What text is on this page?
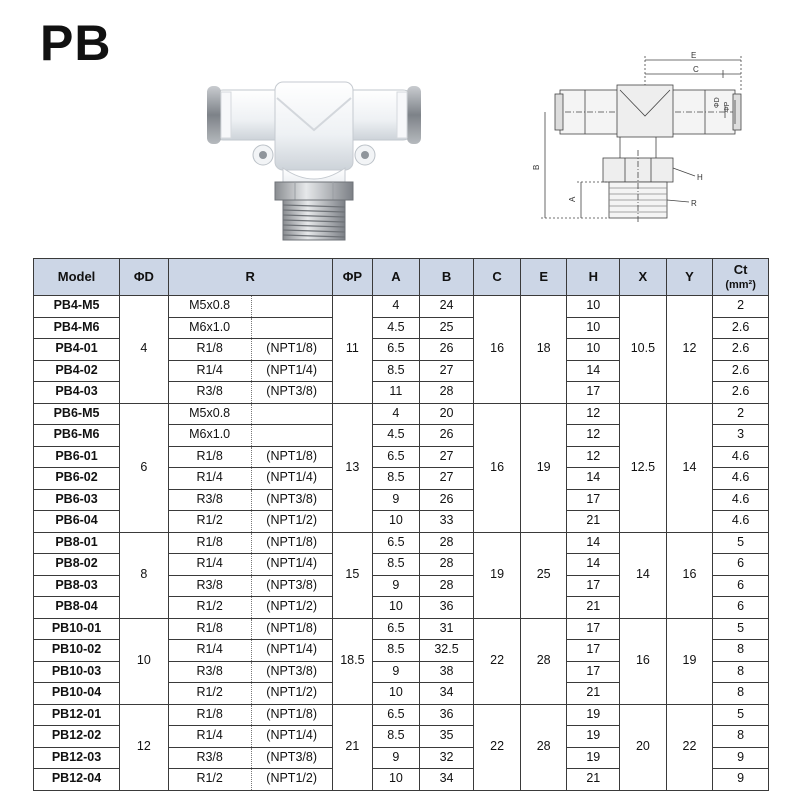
PB	E
C
ΦD ΦP
B
H
A	R
Model	ΦD	R		ΦP	A	B	C	E	H	X	Y	Ct
(mm²)
PB4-M5	4	M5x0.8		11	4	24	16	18	10	10.5	12	2
PB4-M6		M6x1.0			4.5	25			10			2.6
PB4-01		R1/8	(NPT1/8)		6.5	26			10			2.6
PB4-02		R1/4	(NPT1/4)		8.5	27			14			2.6
PB4-03		R3/8	(NPT3/8)		11	28			17			2.6
PB6-M5	6	M5x0.8		13	4	20	16	19	12	12.5	14	2
PB6-M6		M6x1.0			4.5	26			12			3
PB6-01		R1/8	(NPT1/8)		6.5	27			12			4.6
PB6-02		R1/4	(NPT1/4)		8.5	27			14			4.6
PB6-03		R3/8	(NPT3/8)		9	26			17			4.6
PB6-04		R1/2	(NPT1/2)		10	33			21			4.6
PB8-01	8	R1/8	(NPT1/8)	15	6.5	28	19	25	14	14	16	5
PB8-02		R1/4	(NPT1/4)		8.5	28			14			6
PB8-03		R3/8	(NPT3/8)		9	28			17			6
PB8-04		R1/2	(NPT1/2)		10	36			21			6
PB10-01	10	R1/8	(NPT1/8)	18.5	6.5	31	22	28	17	16	19	5
PB10-02		R1/4	(NPT1/4)		8.5	32.5			17			8
PB10-03		R3/8	(NPT3/8)		9	38			17			8
PB10-04		R1/2	(NPT1/2)		10	34			21			8
PB12-01	12	R1/8	(NPT1/8)	21	6.5	36	22	28	19	20	22	5
PB12-02		R1/4	(NPT1/4)		8.5	35			19			8
PB12-03		R3/8	(NPT3/8)		9	32			19			9
PB12-04		R1/2	(NPT1/2)		10	34			21			9
